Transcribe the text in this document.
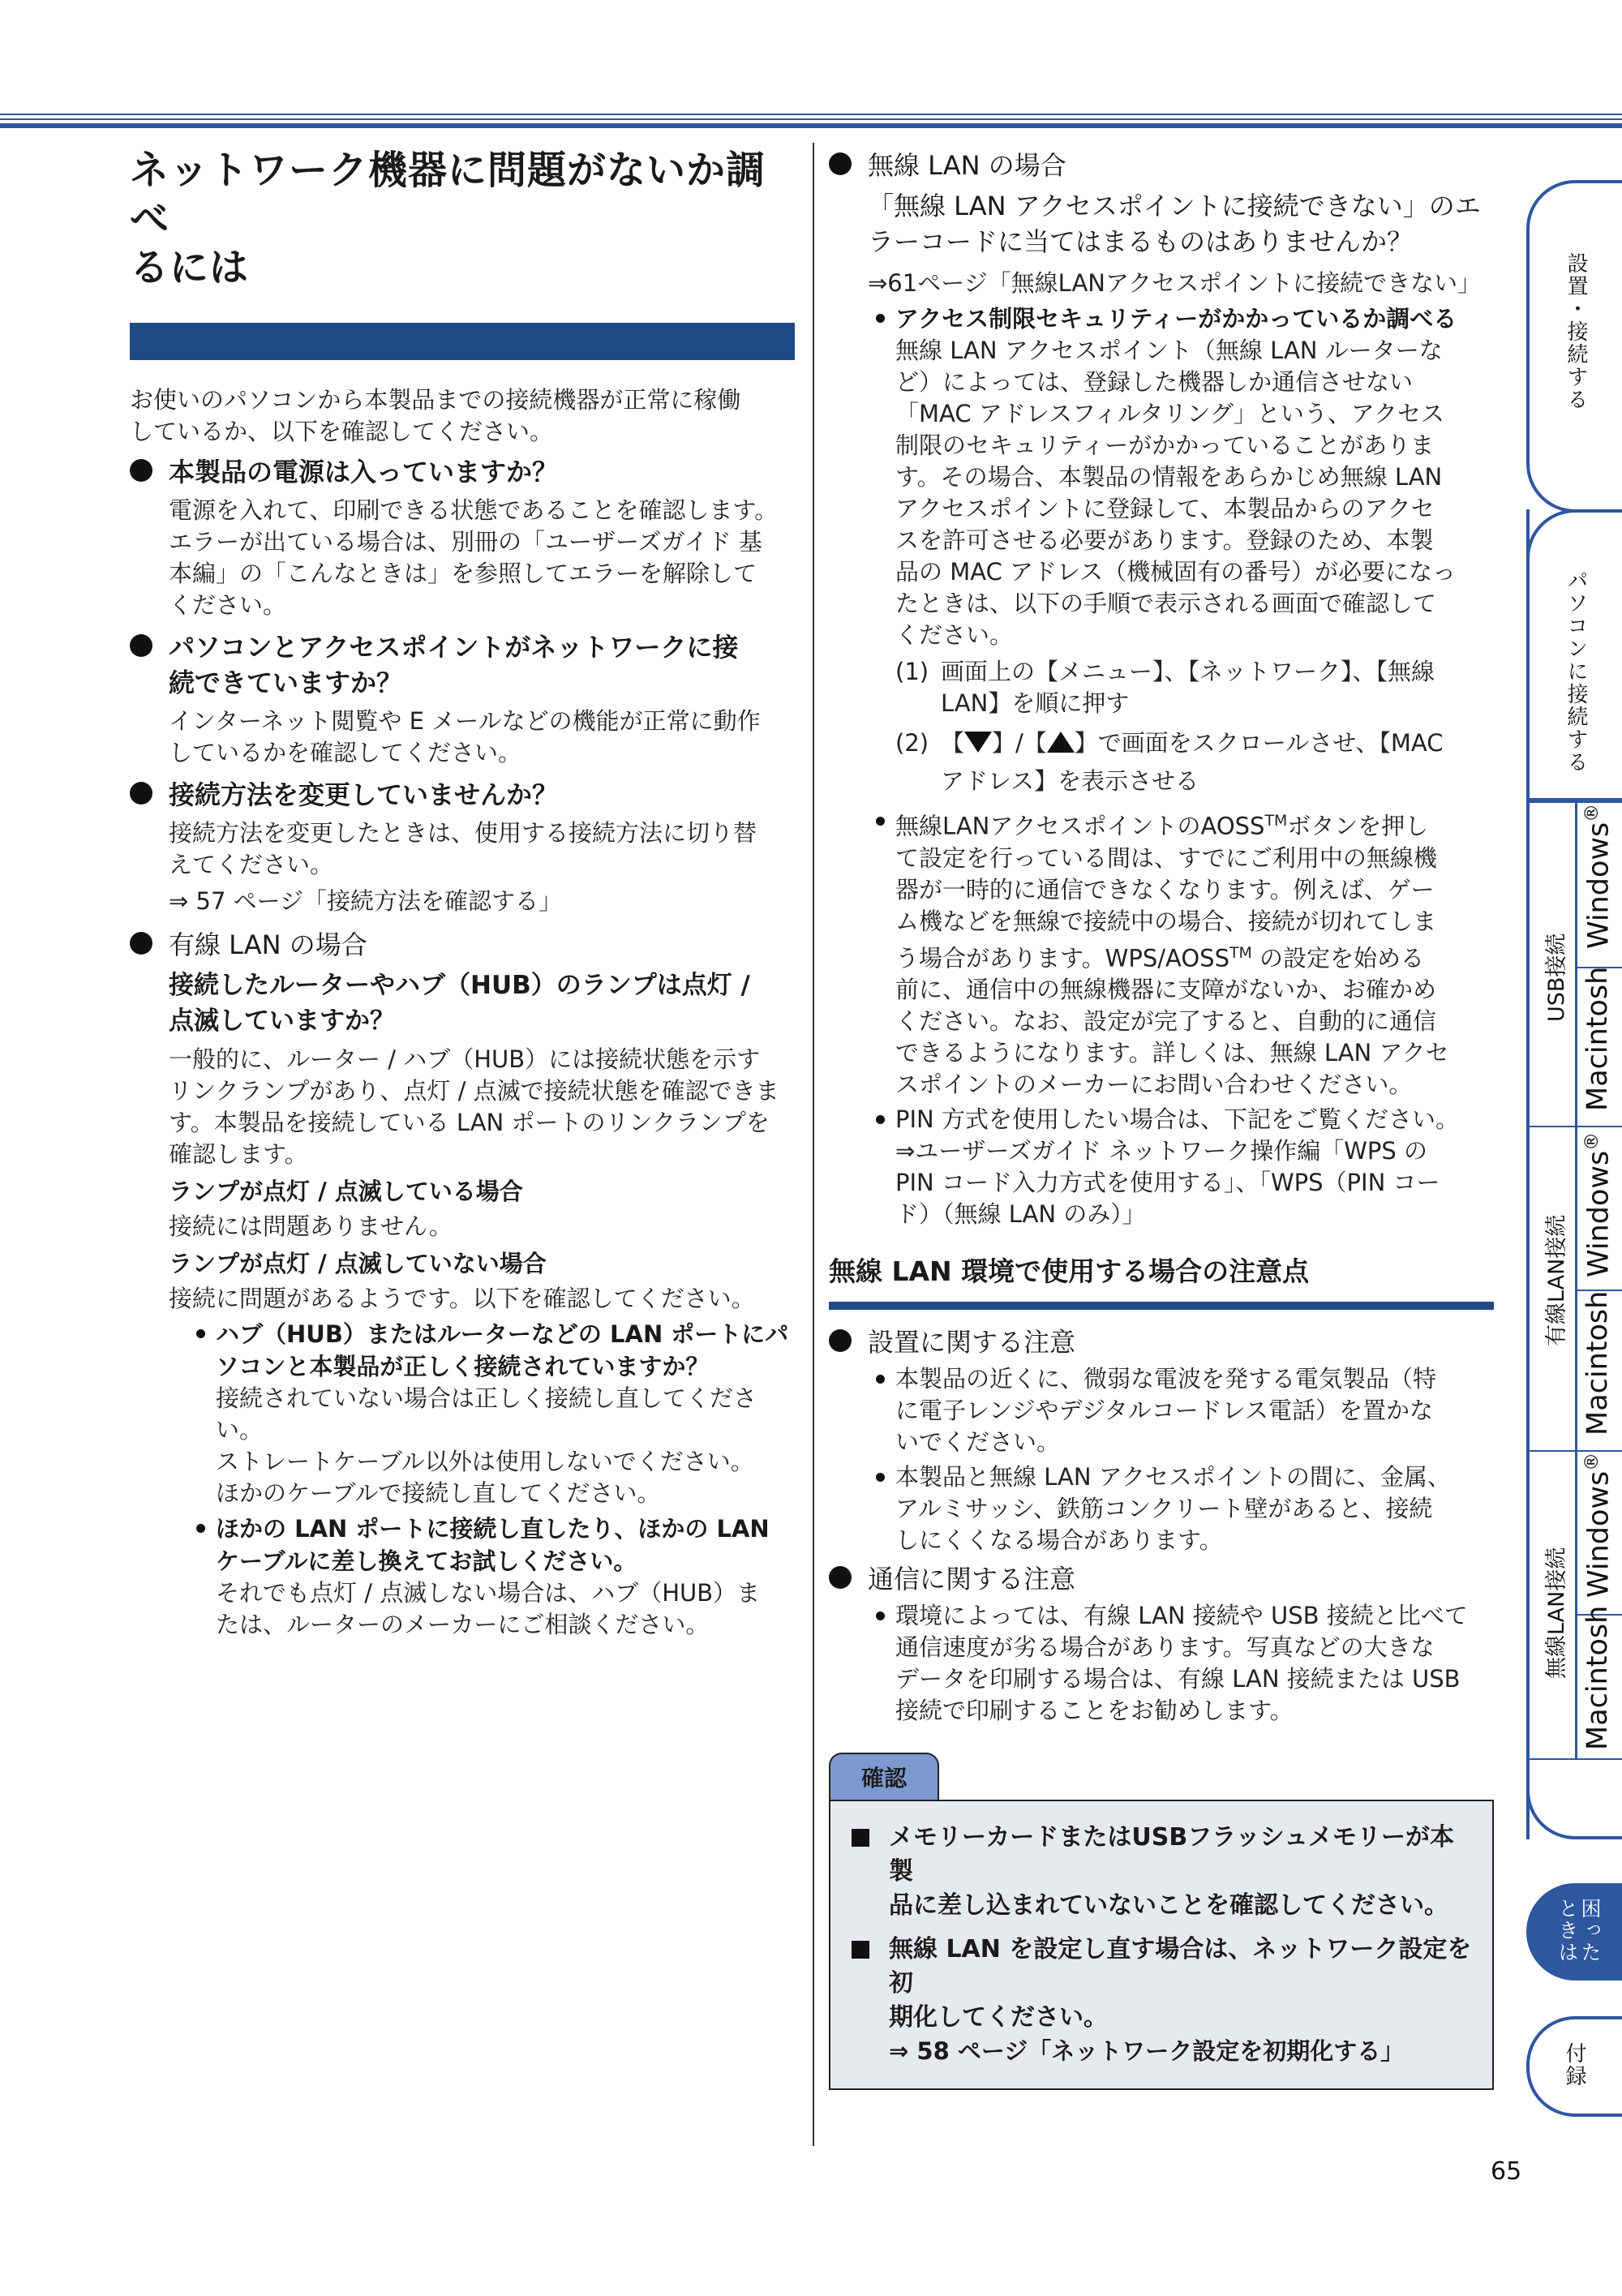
ネットワーク機器に問題がないか調べ
るには

お使いのパソコンから本製品までの接続機器が正常に稼働

しているか、以下を確認してください。

本製品の電源は入っていますか？

電源を入れて、印刷できる状態であることを確認します。

エラーが出ている場合は、別冊の「ユーザーズガイド 基

本編」の「こんなときは」を参照してエラーを解除して

ください。

パソコンとアクセスポイントがネットワークに接
続できていますか？

インターネット閲覧や E メールなどの機能が正常に動作

しているかを確認してください。

接続方法を変更していませんか？

接続方法を変更したときは、使用する接続方法に切り替

えてください。

⇒ 57 ページ「接続方法を確認する」

有線 LAN の場合
接続したルーターやハブ（HUB）のランプは点灯 /
点滅していますか？

一般的に、ルーター / ハブ（HUB）には接続状態を示す

リンクランプがあり、点灯 / 点滅で接続状態を確認できま

す。本製品を接続している LAN ポートのリンクランプを

確認します。

ランプが点灯 / 点滅している場合

接続には問題ありません。

ランプが点灯 / 点滅していない場合

接続に問題があるようです。以下を確認してください。

ハブ（HUB）またはルーターなどの LAN ポートにパ
ソコンと本製品が正しく接続されていますか？

接続されていない場合は正しく接続し直してくださ

い。

ストレートケーブル以外は使用しないでください。

ほかのケーブルで接続し直してください。

ほかの LAN ポートに接続し直したり、ほかの LAN
ケーブルに差し換えてお試しください。

それでも点灯 / 点滅しない場合は、ハブ（HUB）ま

たは、ルーターのメーカーにご相談ください。

無線 LAN の場合
「無線 LAN アクセスポイントに接続できない」のエ
ラーコードに当てはまるものはありませんか？

⇒61ページ「無線LANアクセスポイントに接続できない」

アクセス制限セキュリティーがかかっているか調べる

無線 LAN アクセスポイント（無線 LAN ルーターな

ど）によっては、登録した機器しか通信させない

「MAC アドレスフィルタリング」という、アクセス

制限のセキュリティーがかかっていることがありま

す。その場合、本製品の情報をあらかじめ無線 LAN

アクセスポイントに登録して、本製品からのアクセ

スを許可させる必要があります。登録のため、本製

品の MAC アドレス（機械固有の番号）が必要になっ

たときは、以下の手順で表示される画面で確認して

ください。

(1) 画面上の【メニュー】、【ネットワーク】、【無線

LAN】を順に押す

(2) 【 】/【 】で画面をスクロールさせ、【MAC

アドレス】を表示させる

無線LANアクセスポイントのAOSS™ボタンを押し

て設定を行っている間は、すでにご利用中の無線機

器が一時的に通信できなくなります。例えば、ゲー

ム機などを無線で接続中の場合、接続が切れてしま

う場合があります。WPS/AOSS™ の設定を始める

前に、通信中の無線機器に支障がないか、お確かめ

ください。なお、設定が完了すると、自動的に通信

できるようになります。詳しくは、無線 LAN アクセ

スポイントのメーカーにお問い合わせください。

PIN 方式を使用したい場合は、下記をご覧ください。

⇒ユーザーズガイド ネットワーク操作編「WPS の

PIN コード入力方式を使用する」、「WPS（PIN コー

ド）（無線 LAN のみ）」

無線 LAN 環境で使用する場合の注意点
設置に関する注意

本製品の近くに、微弱な電波を発する電気製品（特

に電子レンジやデジタルコードレス電話）を置かな

いでください。

本製品と無線 LAN アクセスポイントの間に、金属、

アルミサッシ、鉄筋コンクリート壁があると、接続

しにくくなる場合があります。

通信に関する注意

環境によっては、有線 LAN 接続や USB 接続と比べて

通信速度が劣る場合があります。写真などの大きな

データを印刷する場合は、有線 LAN 接続または USB

接続で印刷することをお勧めします。

確認
メモリーカードまたはUSBフラッシュメモリーが本製
品に差し込まれていないことを確認してください。
無線 LAN を設定し直す場合は、ネットワーク設定を初
期化してください。
⇒ 58 ページ「ネットワーク設定を初期化する」
設置・接続する
パソコンに接続する
USB接続
Windows®
Macintosh
有線LAN接続
Windows®
Macintosh
無線LAN接続
Windows®
Macintosh
困ったときは
付録
65
